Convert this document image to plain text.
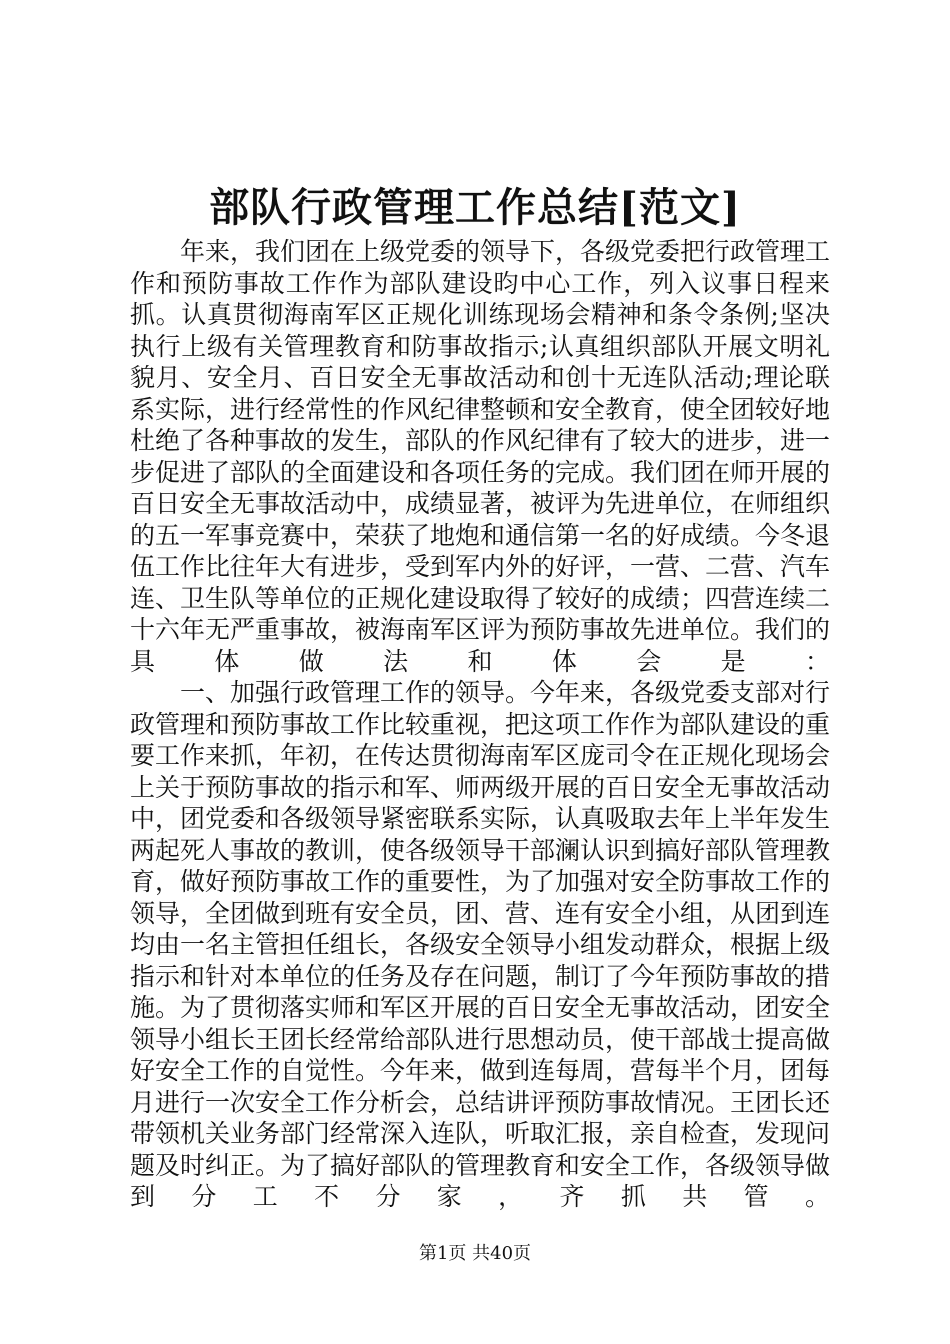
部队行政管理工作总结[范文]

年来，我们团在上级党委的领导下，各级党委把行政管理工作和预防事故工作作为部队建设昀中心工作，列入议事日程来抓。认真贯彻海南军区正规化训练现场会精神和条令条例;坚决执行上级有关管理教育和防事故指示;认真组织部队开展文明礼貌月、安全月、百日安全无事故活动和创十无连队活动;理论联系实际，进行经常性的作风纪律整顿和安全教育，使全团较好地杜绝了各种事故的发生，部队的作风纪律有了较大的进步，进一步促进了部队的全面建设和各项任务的完成。我们团在师开展的百日安全无事故活动中，成绩显著，被评为先进单位，在师组织的五一军事竞赛中，荣获了地炮和通信第一名的好成绩。今冬退伍工作比往年大有进步，受到军内外的好评，一营、二营、汽车连、卫生队等单位的正规化建设取得了较好的成绩；四营连续二十六年无严重事故，被海南军区评为预防事故先进单位。我们的具体做法和体会是：

一、加强行政管理工作的领导。今年来，各级党委支部对行政管理和预防事故工作比较重视，把这项工作作为部队建设的重要工作来抓，年初，在传达贯彻海南军区庞司令在正规化现场会上关于预防事故的指示和军、师两级开展的百日安全无事故活动中，团党委和各级领导紧密联系实际，认真吸取去年上半年发生两起死人事故的教训，使各级领导干部澜认识到搞好部队管理教育，做好预防事故工作的重要性，为了加强对安全防事故工作的领导，全团做到班有安全员，团、营、连有安全小组，从团到连均由一名主管担任组长，各级安全领导小组发动群众，根据上级指示和针对本单位的任务及存在问题，制订了今年预防事故的措施。为了贯彻落实师和军区开展的百日安全无事故活动，团安全领导小组长王团长经常给部队进行思想动员，使干部战士提高做好安全工作的自觉性。今年来，做到连每周，营每半个月，团每月进行一次安全工作分析会，总结讲评预防事故情况。王团长还带领机关业务部门经常深入连队，听取汇报，亲自检查，发现问题及时纠正。为了搞好部队的管理教育和安全工作，各级领导做到分工不分家，齐抓共管。

第1页 共40页
